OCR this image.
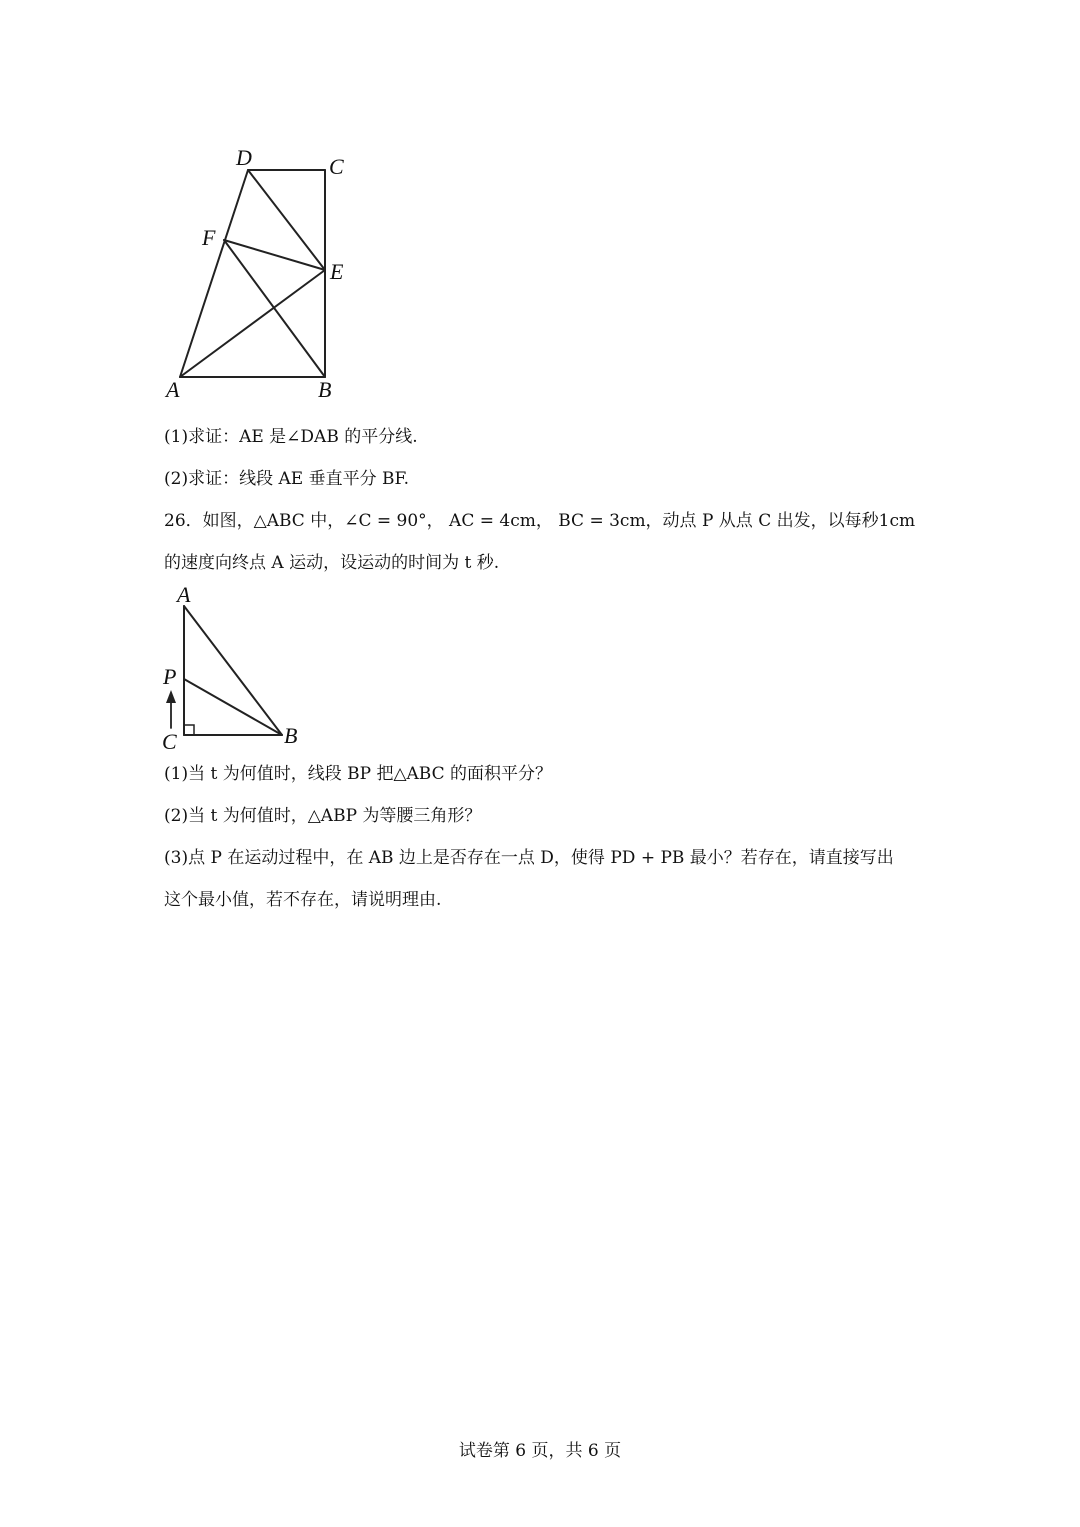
D	C
F
E
A	B
(1)求证：AE 是∠DAB 的平分线.
(2)求证：线段 AE 垂直平分 BF.
26．如图，△ABC 中，∠C = 90°， AC = 4cm， BC = 3cm，动点 P 从点 C 出发，以每秒1cm
的速度向终点 A 运动，设运动的时间为 t 秒.
A
P
C	B
(1)当 t 为何值时，线段 BP 把△ABC 的面积平分？
(2)当 t 为何值时，△ABP 为等腰三角形？
(3)点 P 在运动过程中，在 AB 边上是否存在一点 D，使得 PD + PB 最小？若存在，请直接写出
这个最小值，若不存在，请说明理由.
试卷第 6 页，共 6 页
